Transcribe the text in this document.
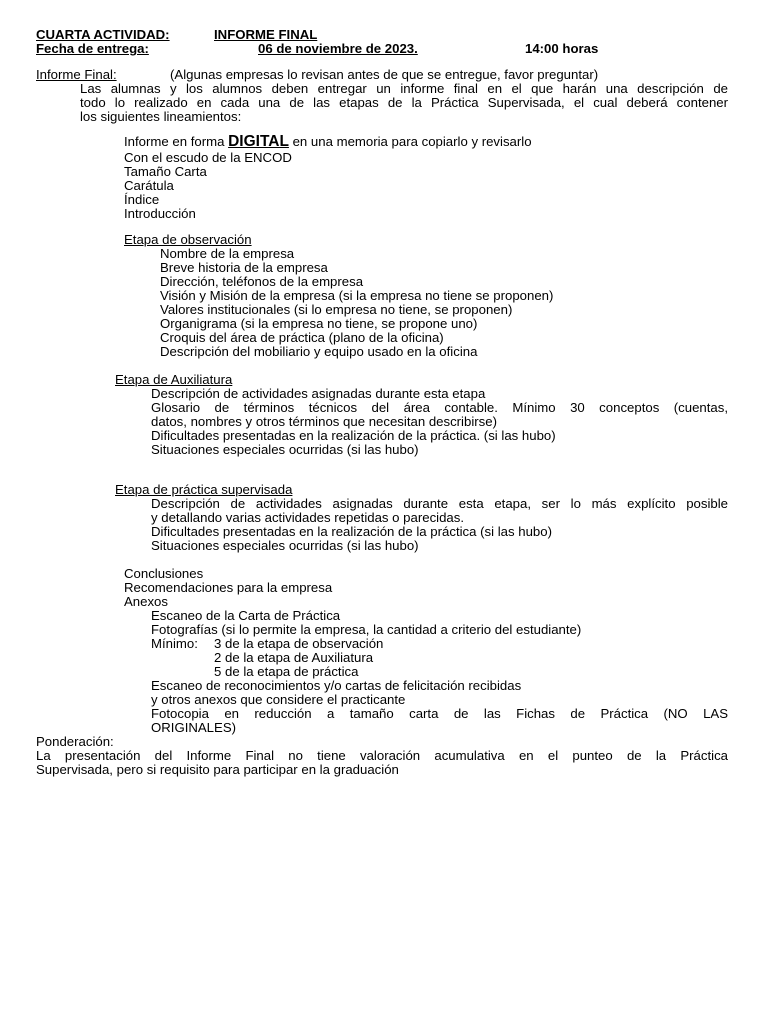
CUARTA ACTIVIDAD:	INFORME FINAL
Fecha de entrega:	06 de noviembre de 2023.	14:00 horas
Informe Final:	(Algunas empresas lo revisan antes de que se entregue, favor preguntar)
Las alumnas y los alumnos deben entregar un informe final en el que harán una descripción de
todo lo realizado en cada una de las etapas de la Práctica Supervisada, el cual deberá contener
los siguientes lineamientos:
Informe en forma DIGITAL en una memoria para copiarlo y revisarlo
Con el escudo de la ENCOD
Tamaño Carta
Carátula
Índice
Introducción
Etapa de observación
Nombre de la empresa
Breve historia de la empresa
Dirección, teléfonos de la empresa
Visión y Misión de la empresa (si la empresa no tiene se proponen)
Valores institucionales (si lo empresa no tiene, se proponen)
Organigrama (si la empresa no tiene, se propone uno)
Croquis del área de práctica (plano de la oficina)
Descripción del mobiliario y equipo usado en la oficina
Etapa de Auxiliatura
Descripción de actividades asignadas durante esta etapa
Glosario de términos técnicos del área contable. Mínimo 30 conceptos (cuentas,
datos, nombres y otros términos que necesitan describirse)
Dificultades presentadas en la realización de la práctica. (si las hubo)
Situaciones especiales ocurridas (si las hubo)
Etapa de práctica supervisada
Descripción de actividades asignadas durante esta etapa, ser lo más explícito posible
y detallando varias actividades repetidas o parecidas.
Dificultades presentadas en la realización de la práctica (si las hubo)
Situaciones especiales ocurridas (si las hubo)
Conclusiones
Recomendaciones para la empresa
Anexos
Escaneo de la Carta de Práctica
Fotografías (si lo permite la empresa, la cantidad a criterio del estudiante)
Mínimo: 3 de la etapa de observación
2 de la etapa de Auxiliatura
5 de la etapa de práctica
Escaneo de reconocimientos y/o cartas de felicitación recibidas
y otros anexos que considere el practicante
Fotocopia en reducción a tamaño carta de las Fichas de Práctica (NO LAS
ORIGINALES)
Ponderación:
La presentación del Informe Final no tiene valoración acumulativa en el punteo de la Práctica
Supervisada, pero si requisito para participar en la graduación
